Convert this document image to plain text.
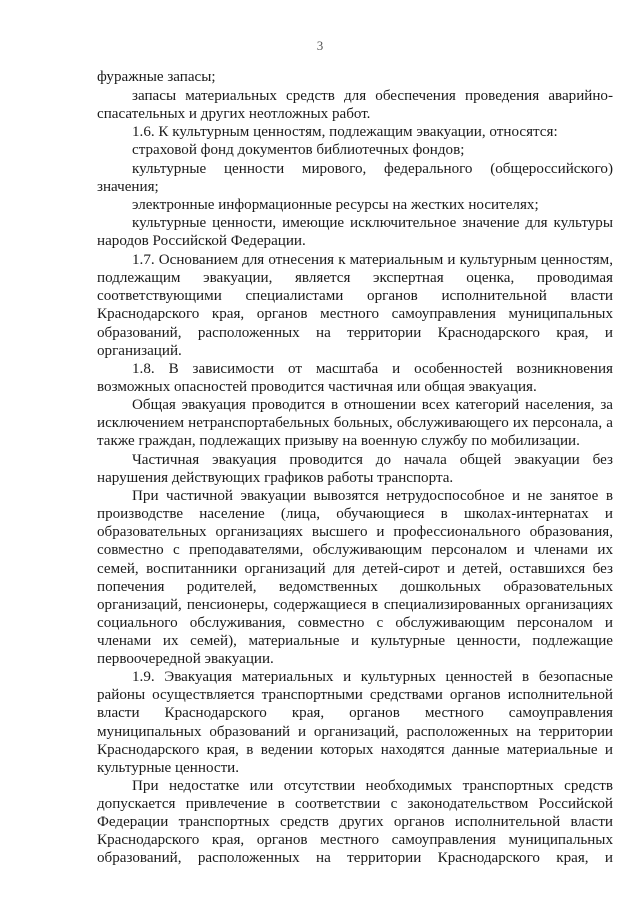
3
фуражные запасы;
запасы материальных средств для обеспечения проведения аварийно-
спасательных и других неотложных работ.
1.6. К культурным ценностям, подлежащим эвакуации, относятся:
страховой фонд документов библиотечных фондов;
культурные ценности мирового, федерального (общероссийского)
значения;
электронные информационные ресурсы на жестких носителях;
культурные ценности, имеющие исключительное значение для культуры
народов Российской Федерации.
1.7. Основанием для отнесения к материальным и культурным ценностям,
подлежащим эвакуации, является экспертная оценка, проводимая
соответствующими специалистами органов исполнительной власти
Краснодарского края, органов местного самоуправления муниципальных
образований, расположенных на территории Краснодарского края, и
организаций.
1.8. В зависимости от масштаба и особенностей возникновения
возможных опасностей проводится частичная или общая эвакуация.
Общая эвакуация проводится в отношении всех категорий населения, за
исключением нетранспортабельных больных, обслуживающего их персонала, а
также граждан, подлежащих призыву на военную службу по мобилизации.
Частичная эвакуация проводится до начала общей эвакуации без
нарушения действующих графиков работы транспорта.
При частичной эвакуации вывозятся нетрудоспособное и не занятое в
производстве население (лица, обучающиеся в школах-интернатах и
образовательных организациях высшего и профессионального образования,
совместно с преподавателями, обслуживающим персоналом и членами их
семей, воспитанники организаций для детей-сирот и детей, оставшихся без
попечения родителей, ведомственных дошкольных образовательных
организаций, пенсионеры, содержащиеся в специализированных организациях
социального обслуживания, совместно с обслуживающим персоналом и
членами их семей), материальные и культурные ценности, подлежащие
первоочередной эвакуации.
1.9. Эвакуация материальных и культурных ценностей в безопасные
районы осуществляется транспортными средствами органов исполнительной
власти Краснодарского края, органов местного самоуправления
муниципальных образований и организаций, расположенных на территории
Краснодарского края, в ведении которых находятся данные материальные и
культурные ценности.
При недостатке или отсутствии необходимых транспортных средств
допускается привлечение в соответствии с законодательством Российской
Федерации транспортных средств других органов исполнительной власти
Краснодарского края, органов местного самоуправления муниципальных
образований, расположенных на территории Краснодарского края, и
